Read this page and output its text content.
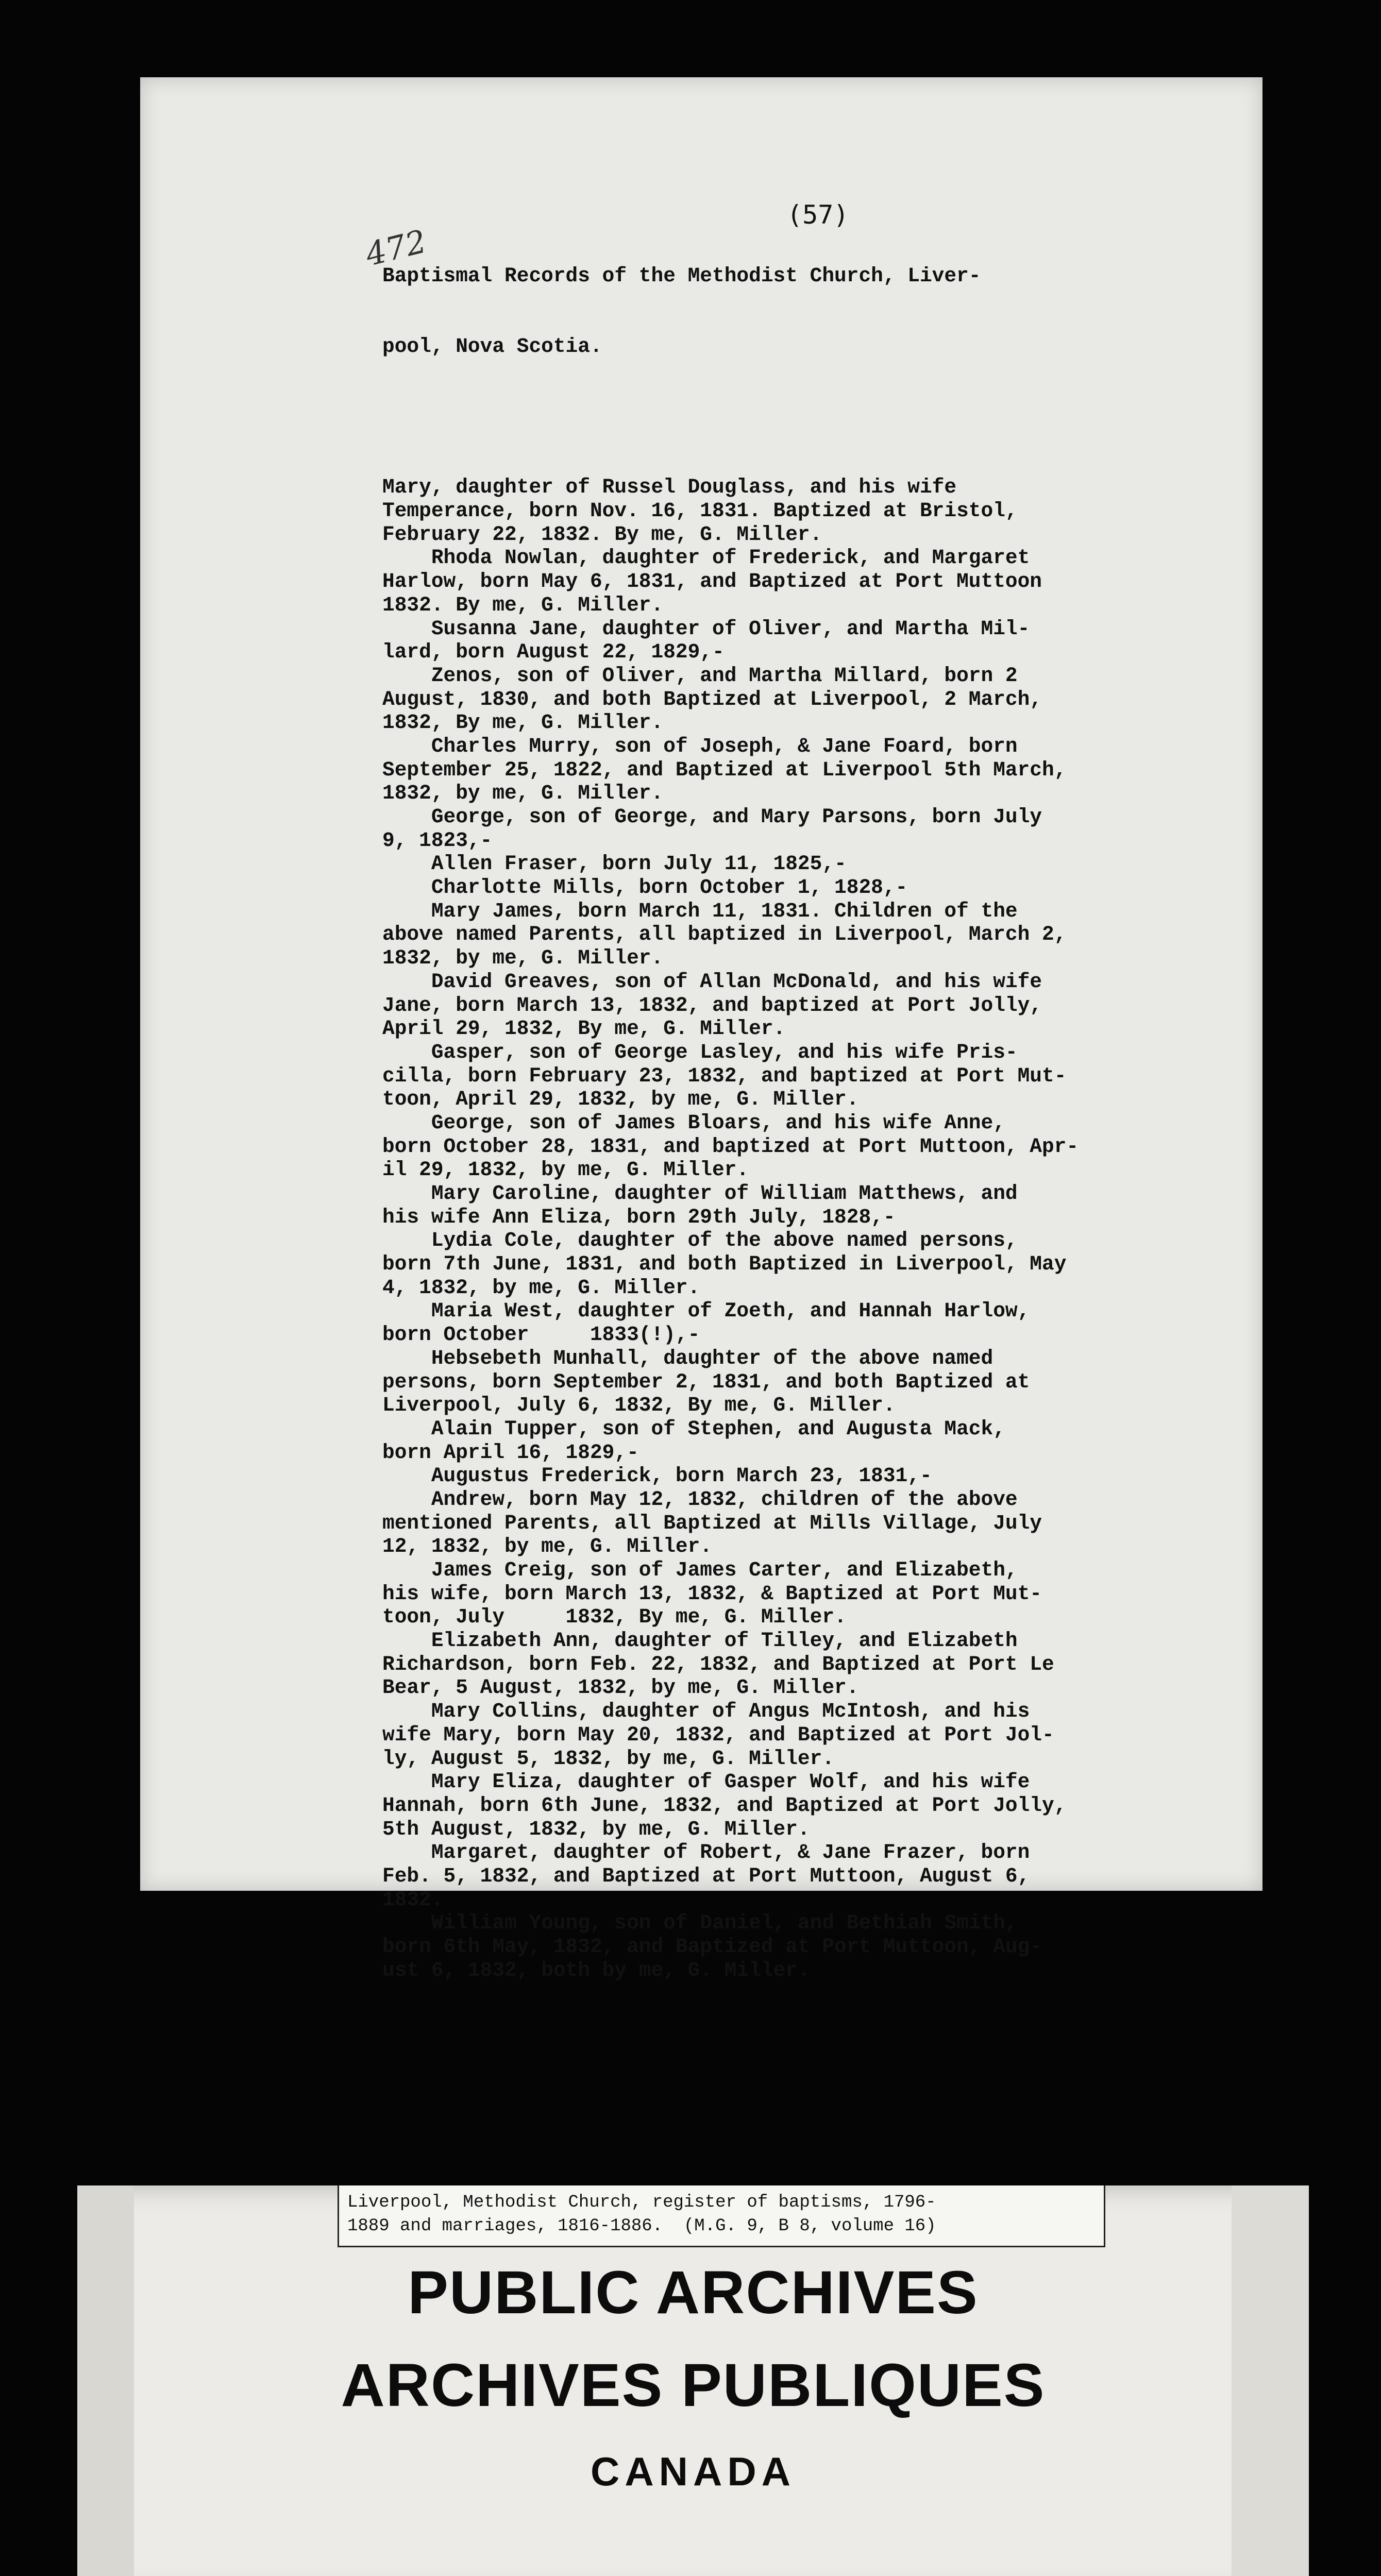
472
(57)

Baptismal Records of the Methodist Church, Liver-

pool, Nova Scotia.

Mary, daughter of Russel Douglass, and his wife
Temperance, born Nov. 16, 1831. Baptized at Bristol,
February 22, 1832. By me, G. Miller.
Rhoda Nowlan, daughter of Frederick, and Margaret
Harlow, born May 6, 1831, and Baptized at Port Muttoon
1832. By me, G. Miller.
Susanna Jane, daughter of Oliver, and Martha Mil-
lard, born August 22, 1829,-
Zenos, son of Oliver, and Martha Millard, born 2
August, 1830, and both Baptized at Liverpool, 2 March,
1832, By me, G. Miller.
Charles Murry, son of Joseph, & Jane Foard, born
September 25, 1822, and Baptized at Liverpool 5th March,
1832, by me, G. Miller.
George, son of George, and Mary Parsons, born July
9, 1823,-
Allen Fraser, born July 11, 1825,-
Charlotte Mills, born October 1, 1828,-
Mary James, born March 11, 1831. Children of the
above named Parents, all baptized in Liverpool, March 2,
1832, by me, G. Miller.
David Greaves, son of Allan McDonald, and his wife
Jane, born March 13, 1832, and baptized at Port Jolly,
April 29, 1832, By me, G. Miller.
Gasper, son of George Lasley, and his wife Pris-
cilla, born February 23, 1832, and baptized at Port Mut-
toon, April 29, 1832, by me, G. Miller.
George, son of James Bloars, and his wife Anne,
born October 28, 1831, and baptized at Port Muttoon, Apr-
il 29, 1832, by me, G. Miller.
Mary Caroline, daughter of William Matthews, and
his wife Ann Eliza, born 29th July, 1828,-
Lydia Cole, daughter of the above named persons,
born 7th June, 1831, and both Baptized in Liverpool, May
4, 1832, by me, G. Miller.
Maria West, daughter of Zoeth, and Hannah Harlow,
born October     1833(!),-
Hebsebeth Munhall, daughter of the above named
persons, born September 2, 1831, and both Baptized at
Liverpool, July 6, 1832, By me, G. Miller.
Alain Tupper, son of Stephen, and Augusta Mack,
born April 16, 1829,-
Augustus Frederick, born March 23, 1831,-
Andrew, born May 12, 1832, children of the above
mentioned Parents, all Baptized at Mills Village, July
12, 1832, by me, G. Miller.
James Creig, son of James Carter, and Elizabeth,
his wife, born March 13, 1832, & Baptized at Port Mut-
toon, July     1832, By me, G. Miller.
Elizabeth Ann, daughter of Tilley, and Elizabeth
Richardson, born Feb. 22, 1832, and Baptized at Port Le
Bear, 5 August, 1832, by me, G. Miller.
Mary Collins, daughter of Angus McIntosh, and his
wife Mary, born May 20, 1832, and Baptized at Port Jol-
ly, August 5, 1832, by me, G. Miller.
Mary Eliza, daughter of Gasper Wolf, and his wife
Hannah, born 6th June, 1832, and Baptized at Port Jolly,
5th August, 1832, by me, G. Miller.
Margaret, daughter of Robert, & Jane Frazer, born
Feb. 5, 1832, and Baptized at Port Muttoon, August 6,
1832.
William Young, son of Daniel, and Bethiah Smith,
born 6th May, 1832, and Baptized at Port Muttoon, Aug-
ust 6, 1832, both by me, G. Miller.

Liverpool, Methodist Church, register of baptisms, 1796-
1889 and marriages, 1816-1886.  (M.G. 9, B 8, volume 16)
PUBLIC ARCHIVES
ARCHIVES PUBLIQUES
CANADA
